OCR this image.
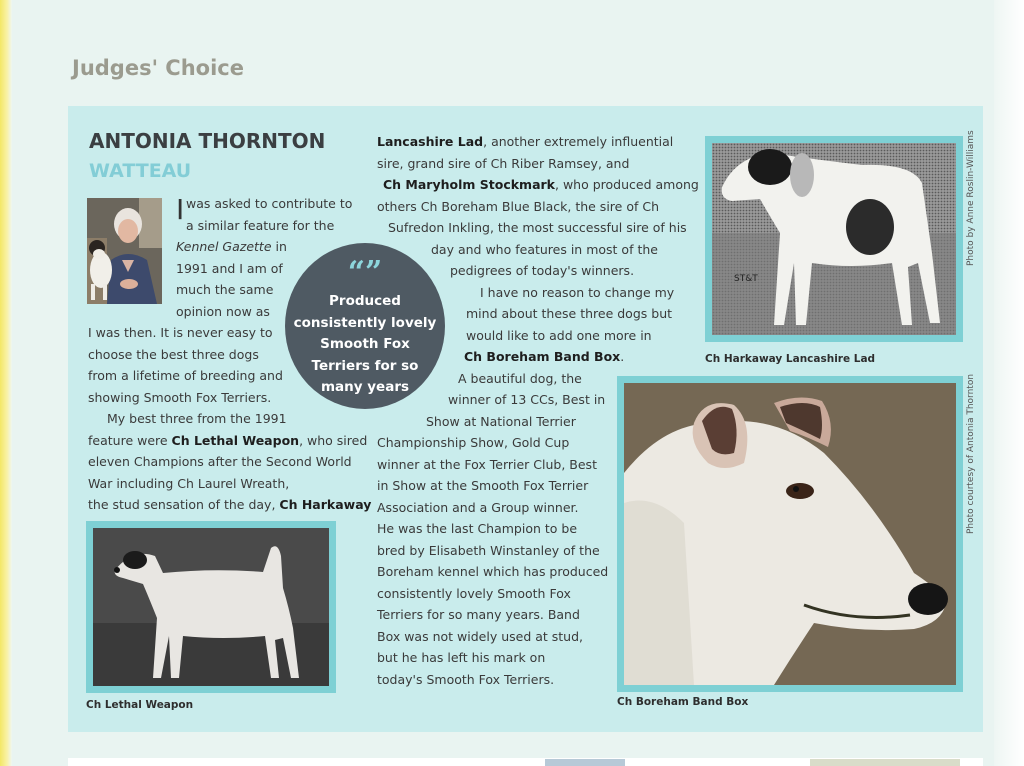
Judges' Choice
ANTONIA THORNTON
WATTEAU
I was asked to contribute to
a similar feature for the
Kennel Gazette in
1991 and I am of
much the same
opinion now as
I was then. It is never easy to
choose the best three dogs
from a lifetime of breeding and
showing Smooth Fox Terriers.
My best three from the 1991
feature were Ch Lethal Weapon, who sired
eleven Champions after the Second World
War including Ch Laurel Wreath,
the stud sensation of the day, Ch Harkaway
Lancashire Lad, another extremely influential
sire, grand sire of Ch Riber Ramsey, and
Ch Maryholm Stockmark, who produced among
others Ch Boreham Blue Black, the sire of Ch
Sufredon Inkling, the most successful sire of his
day and who features in most of the
pedigrees of today's winners.
I have no reason to change my
mind about these three dogs but
would like to add one more in
Ch Boreham Band Box.
A beautiful dog, the
winner of 13 CCs, Best in
Show at National Terrier
Championship Show, Gold Cup
winner at the Fox Terrier Club, Best
in Show at the Smooth Fox Terrier
Association and a Group winner.
He was the last Champion to be
bred by Elisabeth Winstanley of the
Boreham kennel which has produced
consistently lovely Smooth Fox
Terriers for so many years. Band
Box was not widely used at stud,
but he has left his mark on
today's Smooth Fox Terriers.
“”
Produced consistently lovely Smooth Fox Terriers for so many years
Ch Lethal Weapon
ST&T
Ch Harkaway Lancashire Lad
Photo by Anne Roslin-Williams
Ch Boreham Band Box
Photo courtesy of Antonia Thornton
